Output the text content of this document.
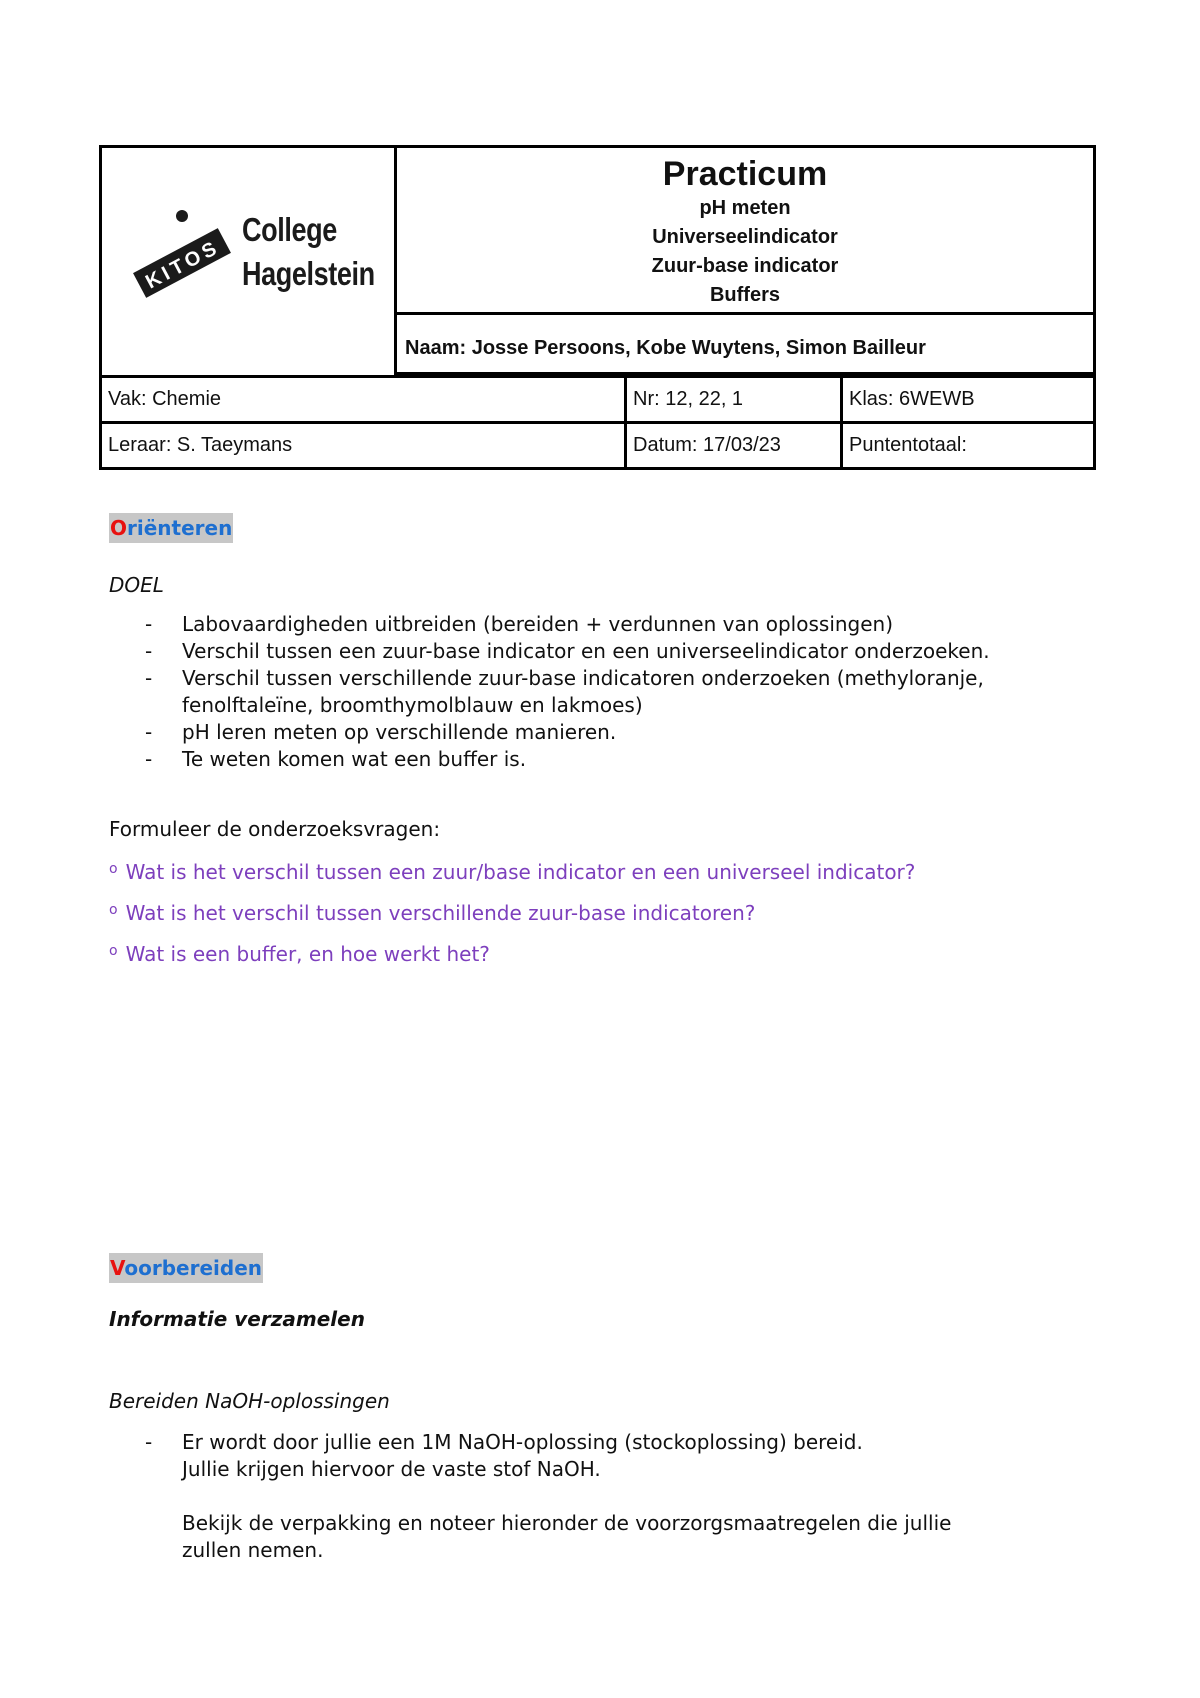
KITOS
College
Hagelstein
Practicum
pH meten
Universeelindicator
Zuur-base indicator
Buffers
Naam: Josse Persoons, Kobe Wuytens, Simon Bailleur
Vak: Chemie	Nr: 12, 22, 1	Klas: 6WEWB
Leraar: S. Taeymans	Datum: 17/03/23	Puntentotaal:
Oriënteren
DOEL
- Labovaardigheden uitbreiden (bereiden + verdunnen van oplossingen)
- Verschil tussen een zuur-base indicator en een universeelindicator onderzoeken.
- Verschil tussen verschillende zuur-base indicatoren onderzoeken (methyloranje, fenolftaleïne, broomthymolblauw en lakmoes)
- pH leren meten op verschillende manieren.
- Te weten komen wat een buffer is.
Formuleer de onderzoeksvragen:
$^o$ Wat is het verschil tussen een zuur/base indicator en een universeel indicator?
$^o$ Wat is het verschil tussen verschillende zuur-base indicatoren?
$^o$ Wat is een buffer, en hoe werkt het?
Voorbereiden
Informatie verzamelen
Bereiden NaOH-oplossingen
- Er wordt door jullie een 1M NaOH-oplossing (stockoplossing) bereid.
Jullie krijgen hiervoor de vaste stof NaOH.
Bekijk de verpakking en noteer hieronder de voorzorgsmaatregelen die jullie
zullen nemen.
